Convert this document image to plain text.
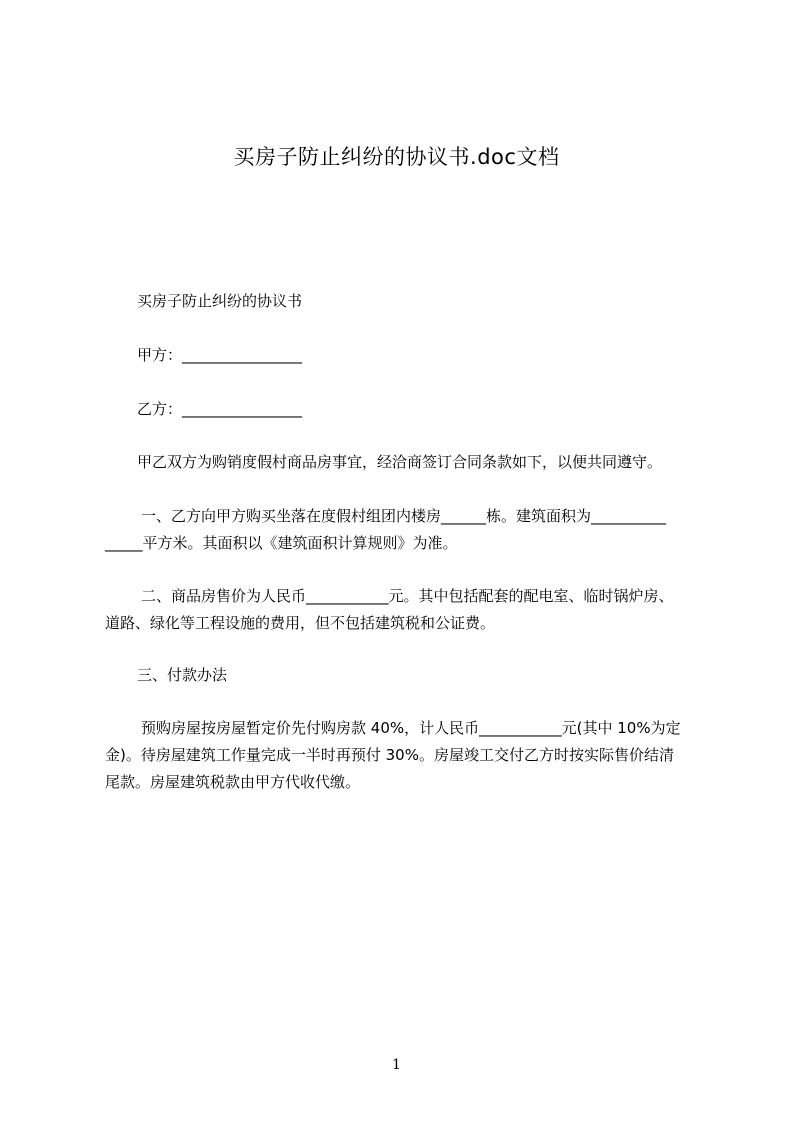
买房子防止纠纷的协议书.doc文档
买房子防止纠纷的协议书
甲方：________________
乙方：________________
甲乙双方为购销度假村商品房事宜，经洽商签订合同条款如下，以便共同遵守。
一、乙方向甲方购买坐落在度假村组团内楼房______栋。建筑面积为__________
_____平方米。其面积以《建筑面积计算规则》为准。
二、商品房售价为人民币___________元。其中包括配套的配电室、临时锅炉房、
道路、绿化等工程设施的费用，但不包括建筑税和公证费。
三、付款办法
预购房屋按房屋暂定价先付购房款 40%，计人民币___________元(其中 10%为定
金)。待房屋建筑工作量完成一半时再预付 30%。房屋竣工交付乙方时按实际售价结清
尾款。房屋建筑税款由甲方代收代缴。
1
